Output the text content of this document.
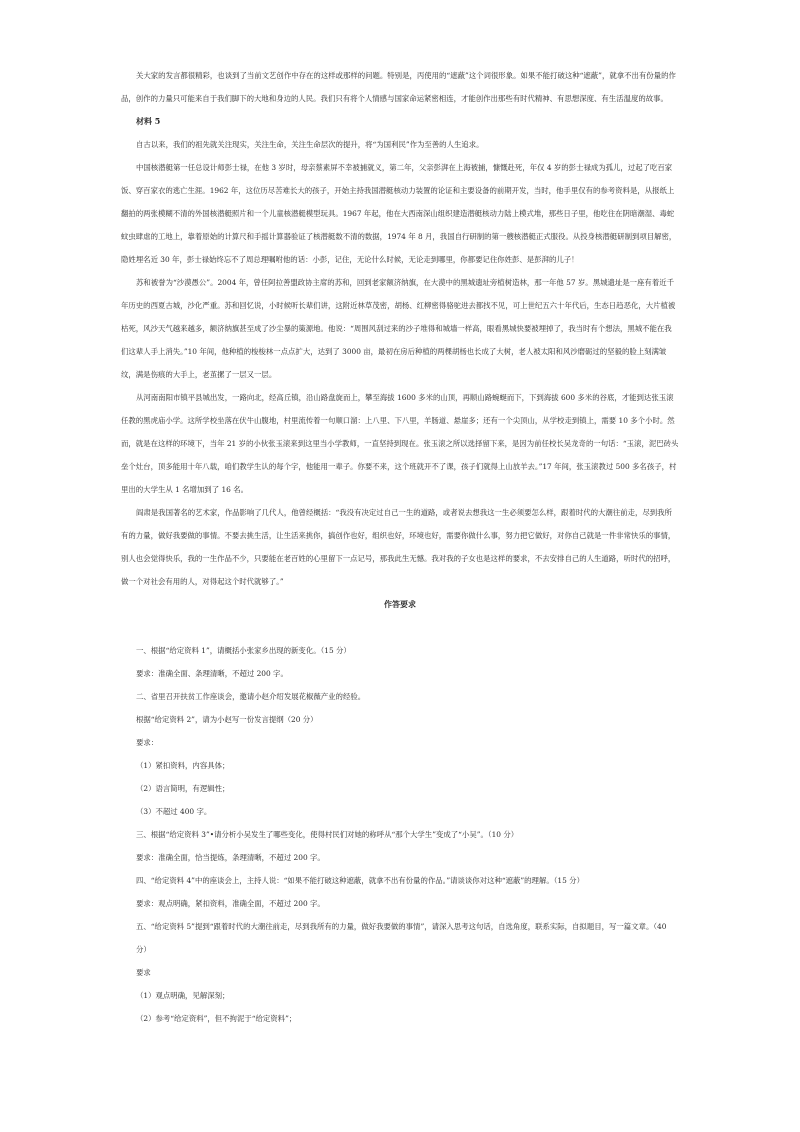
关大家的发言都很精彩，也谈到了当前文艺创作中存在的这样或那样的问题。特别是，丙使用的“遮蔽”这个词很形象。如果不能打破这种“遮蔽”，就拿不出有份量的作品，创作的力量只可能来自于我们脚下的大地和身边的人民。我们只有将个人情感与国家命运紧密相连，才能创作出那些有时代精神、有思想深度、有生活温度的故事。

材料 5

自古以来，我们的祖先就关注现实，关注生命，关注生命层次的提升，将“为国利民”作为至善的人生追求。

中国核潜艇第一任总设计师彭士禄，在他 3 岁时，母亲蔡素屏不幸被捕就义，第二年，父亲彭湃在上海被捕，慷慨赴死，年仅 4 岁的彭士禄成为孤儿，过起了吃百家饭、穿百家衣的逃亡生涯。1962 年，这位历尽苦难长大的孩子，开始主持我国潜艇核动力装置的论证和主要设备的前期开发，当时，他手里仅有的参考资料是，从报纸上翻拍的两张模糊不清的外国核潜艇照片和一个儿童核潜艇模型玩具。1967 年起，他在大西南深山组织建造潜艇核动力陆上模式堆，那些日子里，他吃住在阴暗潮湿、毒蛇蚊虫肆虐的工地上，靠着原始的计算尺和手摇计算器验证了核潜艇数不清的数据，1974 年 8 月，我国自行研制的第一艘核潜艇正式服役。从投身核潜艇研制到项目解密，隐姓埋名近 30 年，彭士禄始终忘不了周总理嘱咐他的话：小彭，记住，无论什么时候，无论走到哪里，你都要记住你姓彭、是彭湃的儿子！

苏和被誉为“沙漠愚公”。2004 年，曾任阿拉善盟政协主席的苏和，回到老家额济纳旗，在大漠中的黑城遗址旁植树造林，那一年他 57 岁。黑城遗址是一座有着近千年历史的西夏古城，沙化严重。苏和回忆说，小时候听长辈们讲，这附近林草茂密，胡杨、红柳密得骆驼进去都找不见，可上世纪五六十年代后，生态日趋恶化，大片植被枯死，风沙天气越来越多，额济纳旗甚至成了沙尘暴的策源地。他说：“周围风刮过来的沙子堆得和城墙一样高，眼看黑城快要被埋掉了，我当时有个想法，黑城不能在我们这辈人手上消失。”10 年间，他种植的梭梭林一点点扩大，达到了 3000 亩，最初在房后种植的两棵胡杨也长成了大树，老人被太阳和风沙磨砺过的坚毅的脸上刻满皱纹，满是伤痕的大手上，老茧摞了一层又一层。

从河南南阳市镇平县城出发，一路向北，经高丘镇，沿山路盘旋而上，攀至海拔 1600 多米的山顶，再顺山路蜿蜒而下，下到海拔 600 多米的谷底，才能到达张玉滚任教的黑虎庙小学。这所学校坐落在伏牛山腹地，村里流传着一句顺口溜：上八里、下八里，羊肠道、悬崖多；还有一个尖顶山，从学校走到镇上，需要 10 多个小时。然而，就是在这样的环境下，当年 21 岁的小伙张玉滚来到这里当小学教师，一直坚持到现在。张玉滚之所以选择留下来，是因为前任校长吴龙奇的一句话：“玉滚，泥巴砖头垒个灶台，顶多能用十年八载，咱们教学生认的每个字，他能用一辈子。你要不来，这个班就开不了课，孩子们就得上山放羊去。”17 年间，张玉滚教过 500 多名孩子，村里出的大学生从 1 名增加到了 16 名。

阎肃是我国著名的艺术家，作品影响了几代人，他曾经概括：“我没有决定过自己一生的道路，或者说去想我这一生必须要怎么样，跟着时代的大潮往前走，尽到我所有的力量，做好我要做的事情。不要去挑生活，让生活来挑你，搞创作也好，组织也好，环境也好，需要你做什么事，努力把它做好，对你自己就是一件非常快乐的事情，别人也会觉得快乐，我的一生作品不少，只要能在老百姓的心里留下一点记号，那我此生无憾。我对我的子女也是这样的要求，不去安排自己的人生道路，听时代的招呼，做一个对社会有用的人，对得起这个时代就够了。”

作答要求

一、根据“给定资料 1”，请概括小张家乡出现的新变化。（15 分）

要求：准确全面、条理清晰，不超过 200 字。

二、省里召开扶贫工作座谈会，邀请小赵介绍发展花椒薇产业的经验。

根据“给定资料 2”，请为小赵写一份发言提纲（20 分）

要求：

（1）紧扣资料，内容具体；

（2）语言简明，有逻辑性；

（3）不超过 400 字。

三、根据“给定资料 3”•请分析小吴发生了哪些变化，使得村民们对她的称呼从“那个大学生”变成了“小吴”。（10 分）

要求：准确全面，恰当提炼，条理清晰，不超过 200 字。

四、“给定资料 4”中的座谈会上，主持人说：“如果不能打破这种遮蔽，就拿不出有份量的作品。”请谈谈你对这种“遮蔽”的理解。（15 分）

要求：观点明确，紧扣资料，准确全面，不超过 200 字。

五、“给定资料 5”提到“跟着时代的大潮往前走，尽到我所有的力量，做好我要做的事情”，请深入思考这句话，自选角度，联系实际，自拟题目，写一篇文章。（40 分）

要求

（1）观点明确，见解深刻；

（2）参考“给定资料”，但不拘泥于“给定资料”；
